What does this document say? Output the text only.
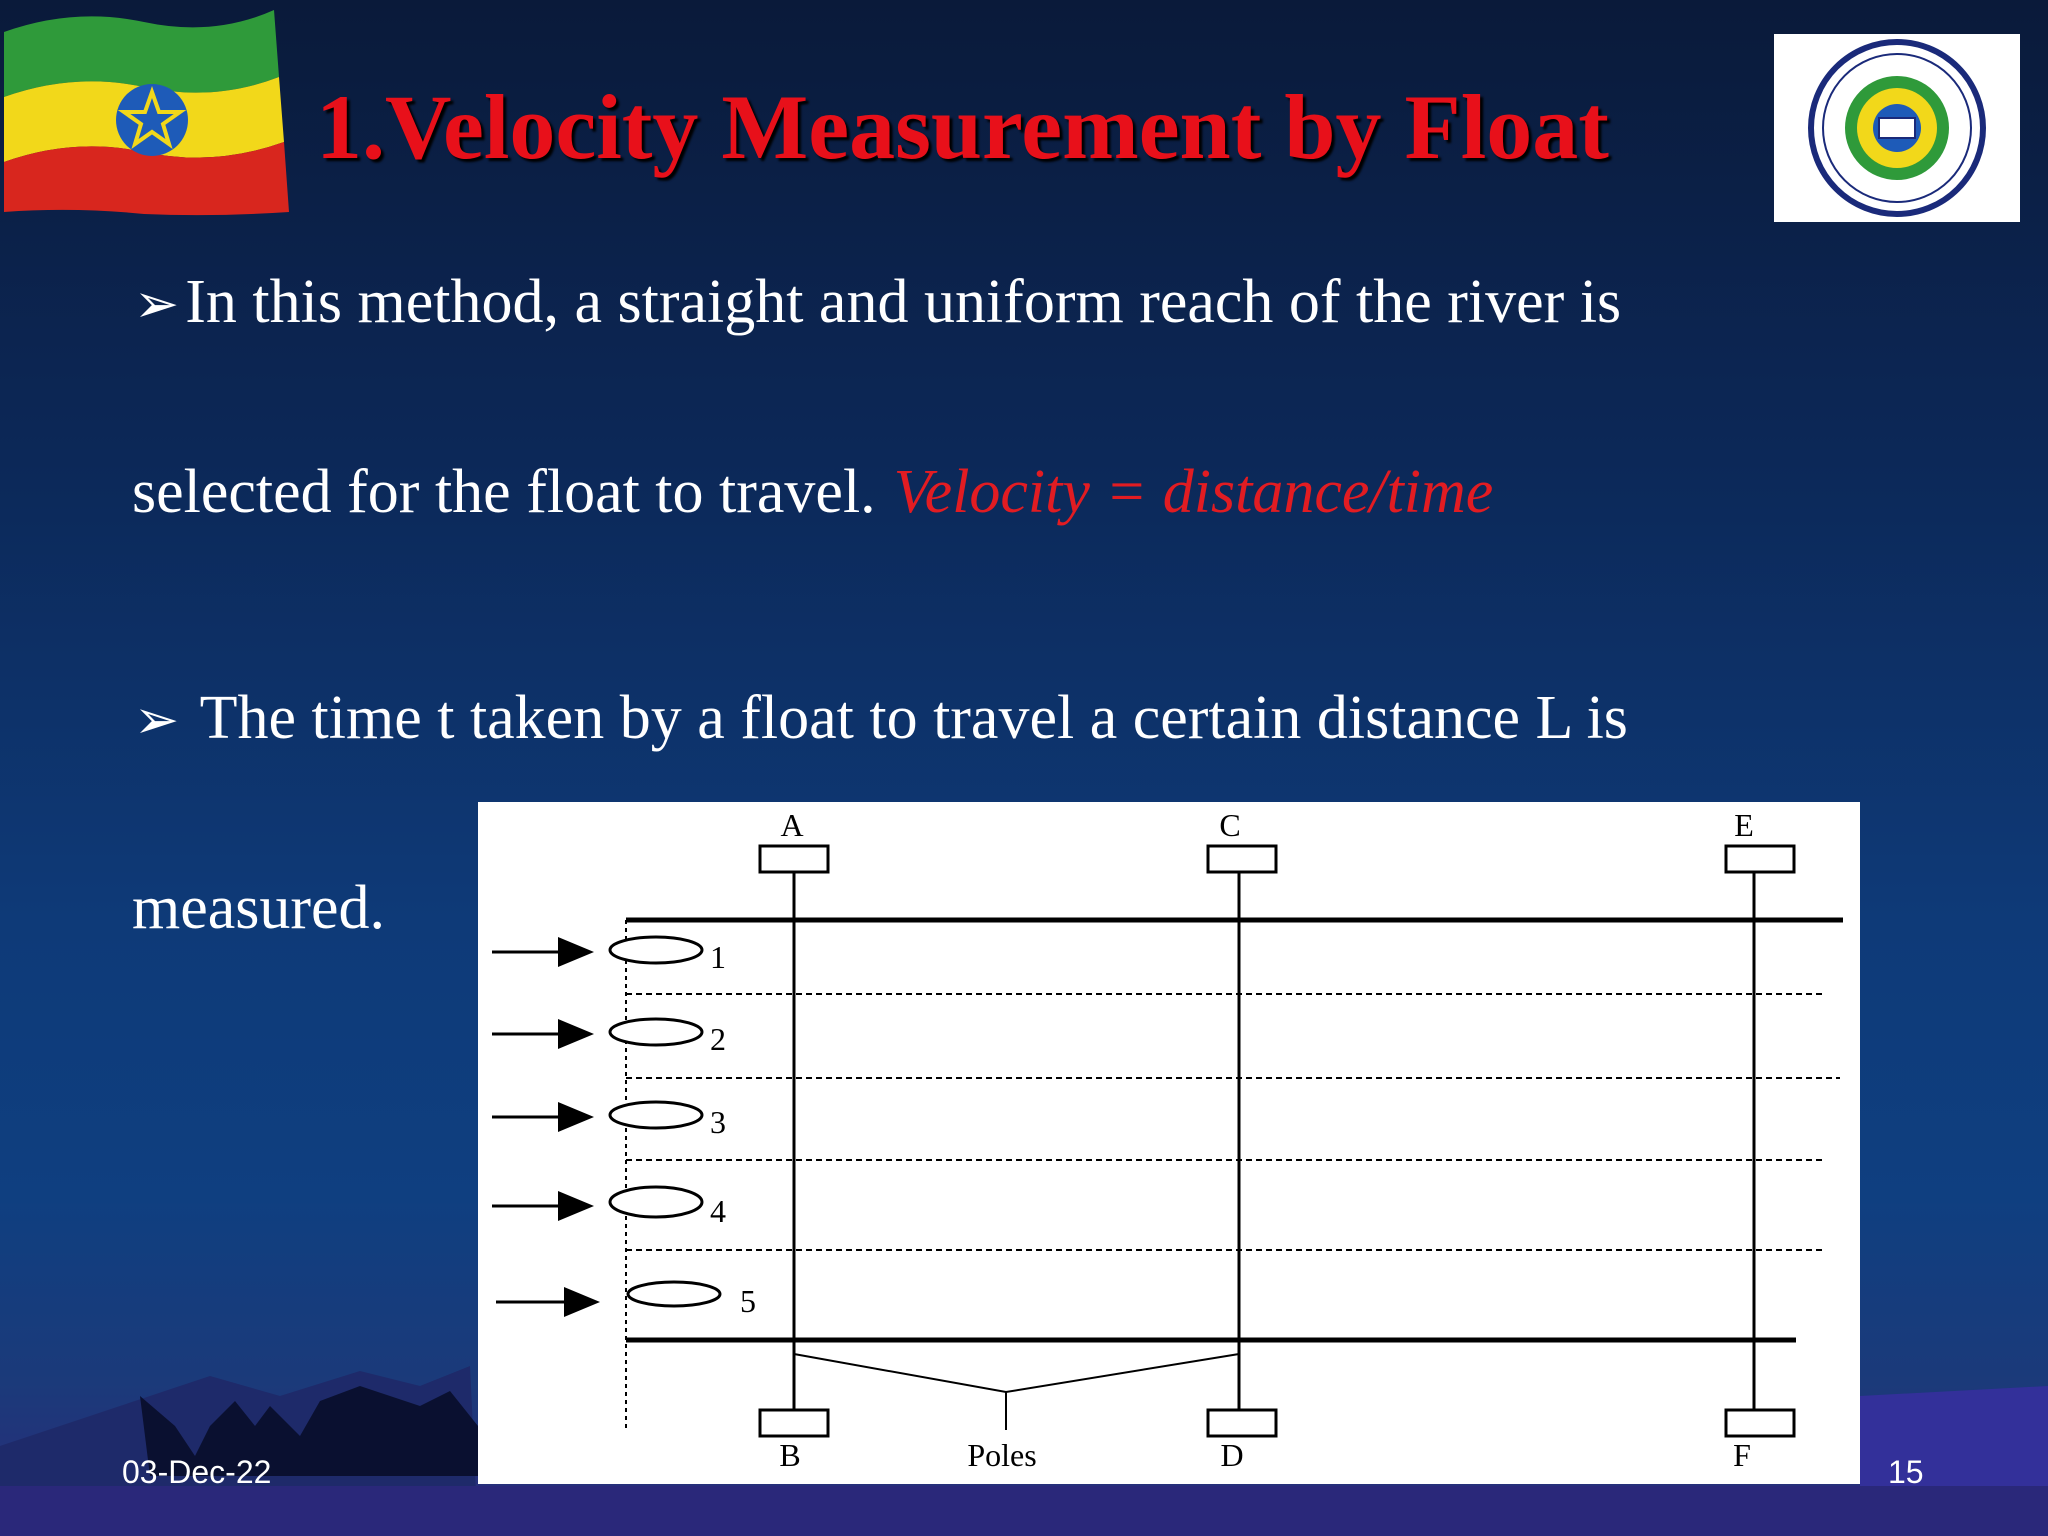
1.Velocity Measurement by Float
➢In this method, a straight and uniform reach of the river is
selected for the float to travel. Velocity = distance/time
➢ The time t taken by a float to travel a certain distance L is
measured.
A	C	E
B	D	F
Poles
1
2
3
4
5
03-Dec-22	15
